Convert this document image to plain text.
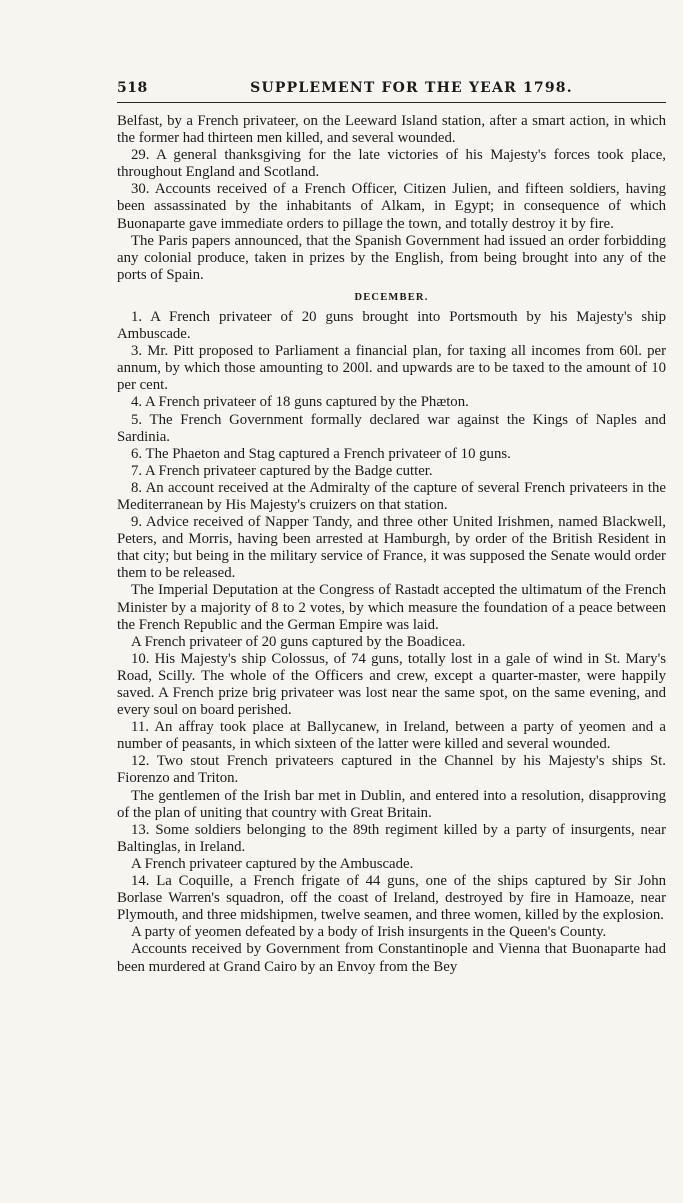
518	SUPPLEMENT FOR THE YEAR 1798.

Belfast, by a French privateer, on the Leeward Island station, after a smart action, in which the former had thirteen men killed, and several wounded.

29. A general thanksgiving for the late victories of his Majesty's forces took place, throughout England and Scotland.

30. Accounts received of a French Officer, Citizen Julien, and fifteen soldiers, having been assassinated by the inhabitants of Alkam, in Egypt; in consequence of which Buonaparte gave immediate orders to pillage the town, and totally destroy it by fire.

The Paris papers announced, that the Spanish Government had issued an order forbidding any colonial produce, taken in prizes by the English, from being brought into any of the ports of Spain.

DECEMBER.

1. A French privateer of 20 guns brought into Portsmouth by his Majesty's ship Ambuscade.

3. Mr. Pitt proposed to Parliament a financial plan, for taxing all incomes from 60l. per annum, by which those amounting to 200l. and upwards are to be taxed to the amount of 10 per cent.

4. A French privateer of 18 guns captured by the Phæton.

5. The French Government formally declared war against the Kings of Naples and Sardinia.

6. The Phaeton and Stag captured a French privateer of 10 guns.

7. A French privateer captured by the Badge cutter.

8. An account received at the Admiralty of the capture of several French privateers in the Mediterranean by His Majesty's cruizers on that station.

9. Advice received of Napper Tandy, and three other United Irishmen, named Blackwell, Peters, and Morris, having been arrested at Hamburgh, by order of the British Resident in that city; but being in the military service of France, it was supposed the Senate would order them to be released.

The Imperial Deputation at the Congress of Rastadt accepted the ultimatum of the French Minister by a majority of 8 to 2 votes, by which measure the foundation of a peace between the French Republic and the German Empire was laid.

A French privateer of 20 guns captured by the Boadicea.

10. His Majesty's ship Colossus, of 74 guns, totally lost in a gale of wind in St. Mary's Road, Scilly. The whole of the Officers and crew, except a quarter-master, were happily saved. A French prize brig privateer was lost near the same spot, on the same evening, and every soul on board perished.

11. An affray took place at Ballycanew, in Ireland, between a party of yeomen and a number of peasants, in which sixteen of the latter were killed and several wounded.

12. Two stout French privateers captured in the Channel by his Majesty's ships St. Fiorenzo and Triton.

The gentlemen of the Irish bar met in Dublin, and entered into a resolution, disapproving of the plan of uniting that country with Great Britain.

13. Some soldiers belonging to the 89th regiment killed by a party of insurgents, near Baltinglas, in Ireland.

A French privateer captured by the Ambuscade.

14. La Coquille, a French frigate of 44 guns, one of the ships captured by Sir John Borlase Warren's squadron, off the coast of Ireland, destroyed by fire in Hamoaze, near Plymouth, and three midshipmen, twelve seamen, and three women, killed by the explosion.

A party of yeomen defeated by a body of Irish insurgents in the Queen's County.

Accounts received by Government from Constantinople and Vienna that Buonaparte had been murdered at Grand Cairo by an Envoy from the Bey
